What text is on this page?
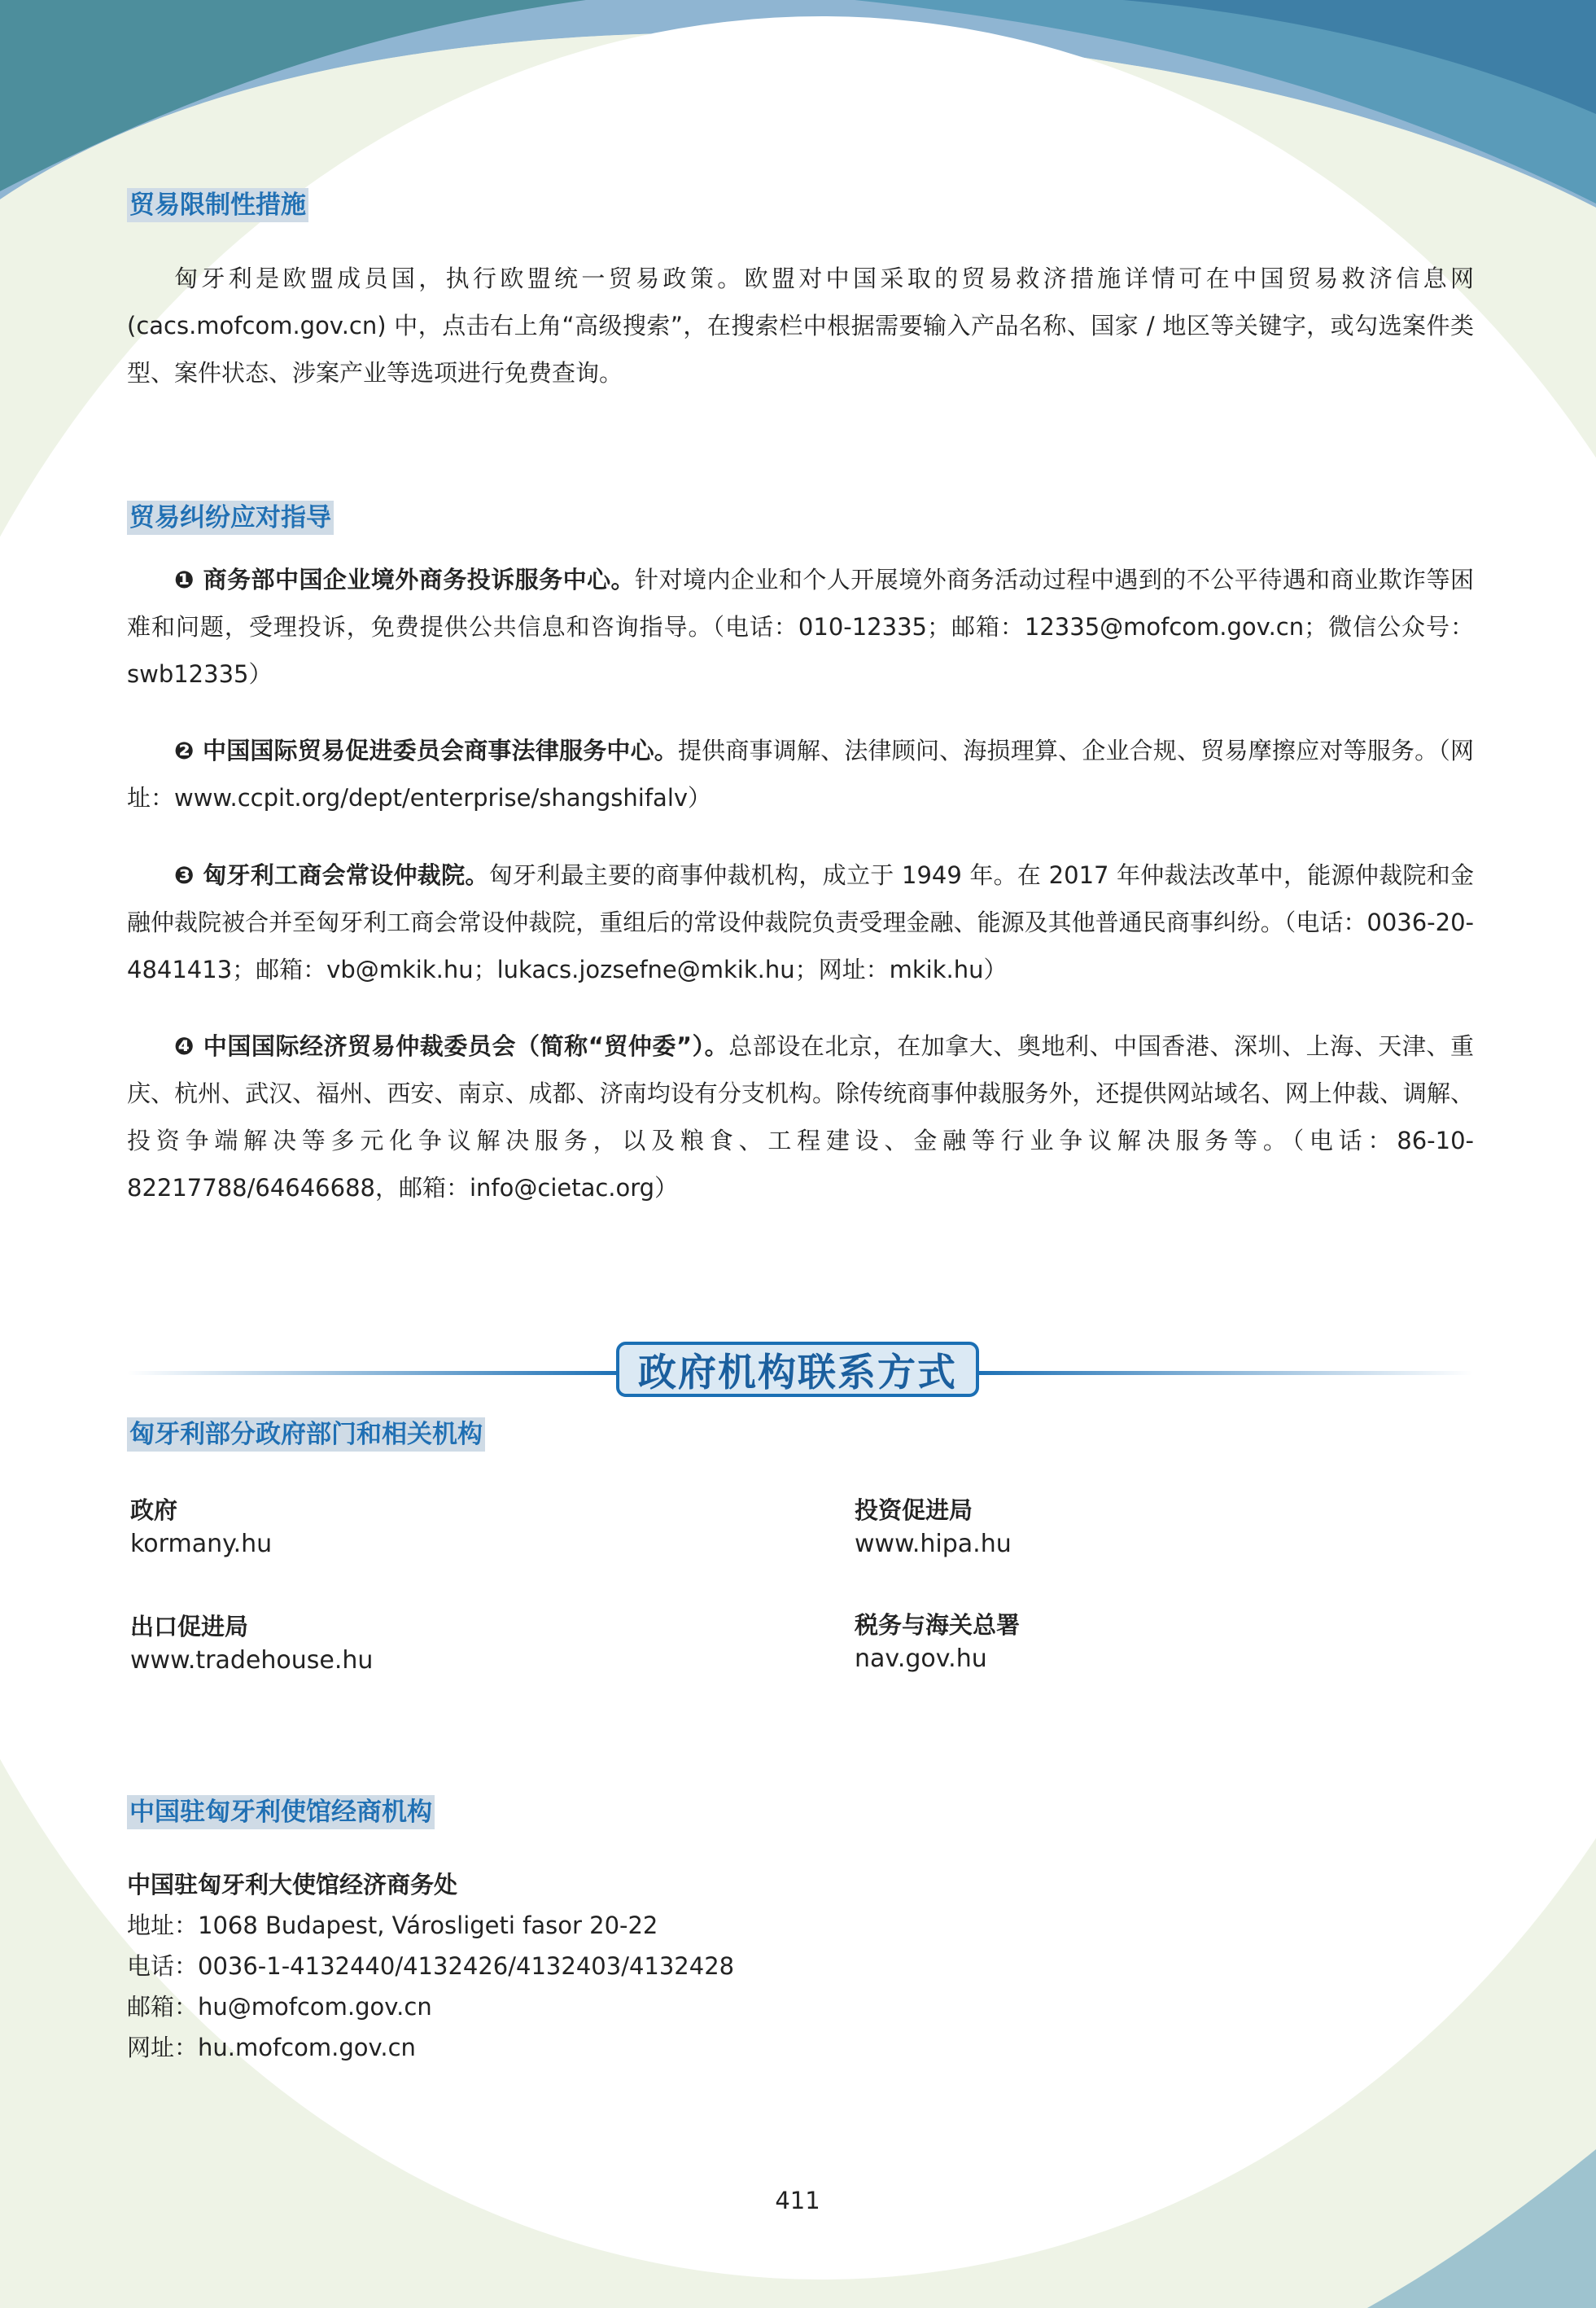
贸易限制性措施

匈牙利是欧盟成员国，执行欧盟统一贸易政策。欧盟对中国采取的贸易救济措施详情可在中国贸易救济信息网 (cacs.mofcom.gov.cn) 中，点击右上角“高级搜索”，在搜索栏中根据需要输入产品名称、国家 / 地区等关键字，或勾选案件类型、案件状态、涉案产业等选项进行免费查询。

贸易纠纷应对指导

❶ 商务部中国企业境外商务投诉服务中心。针对境内企业和个人开展境外商务活动过程中遇到的不公平待遇和商业欺诈等困难和问题，受理投诉，免费提供公共信息和咨询指导。（电话：010-12335；邮箱：12335@mofcom.gov.cn；微信公众号：swb12335）

❷ 中国国际贸易促进委员会商事法律服务中心。提供商事调解、法律顾问、海损理算、企业合规、贸易摩擦应对等服务。（网址：www.ccpit.org/dept/enterprise/shangshifalv）

❸ 匈牙利工商会常设仲裁院。匈牙利最主要的商事仲裁机构，成立于 1949 年。在 2017 年仲裁法改革中，能源仲裁院和金融仲裁院被合并至匈牙利工商会常设仲裁院，重组后的常设仲裁院负责受理金融、能源及其他普通民商事纠纷。（电话：0036-20-4841413；邮箱：vb@mkik.hu；lukacs.jozsefne@mkik.hu；网址：mkik.hu）

❹ 中国国际经济贸易仲裁委员会（简称“贸仲委”）。总部设在北京，在加拿大、奥地利、中国香港、深圳、上海、天津、重庆、杭州、武汉、福州、西安、南京、成都、济南均设有分支机构。除传统商事仲裁服务外，还提供网站域名、网上仲裁、调解、投资争端解决等多元化争议解决服务，以及粮食、工程建设、金融等行业争议解决服务等。（电话：86-10-82217788/64646688，邮箱：info@cietac.org）

政府机构联系方式
匈牙利部分政府部门和相关机构
政府
kormany.hu
投资促进局
www.hipa.hu
出口促进局
www.tradehouse.hu
税务与海关总署
nav.gov.hu
中国驻匈牙利使馆经商机构
中国驻匈牙利大使馆经济商务处
地址：1068 Budapest, Városligeti fasor 20-22
电话：0036-1-4132440/4132426/4132403/4132428
邮箱：hu@mofcom.gov.cn
网址：hu.mofcom.gov.cn
411
